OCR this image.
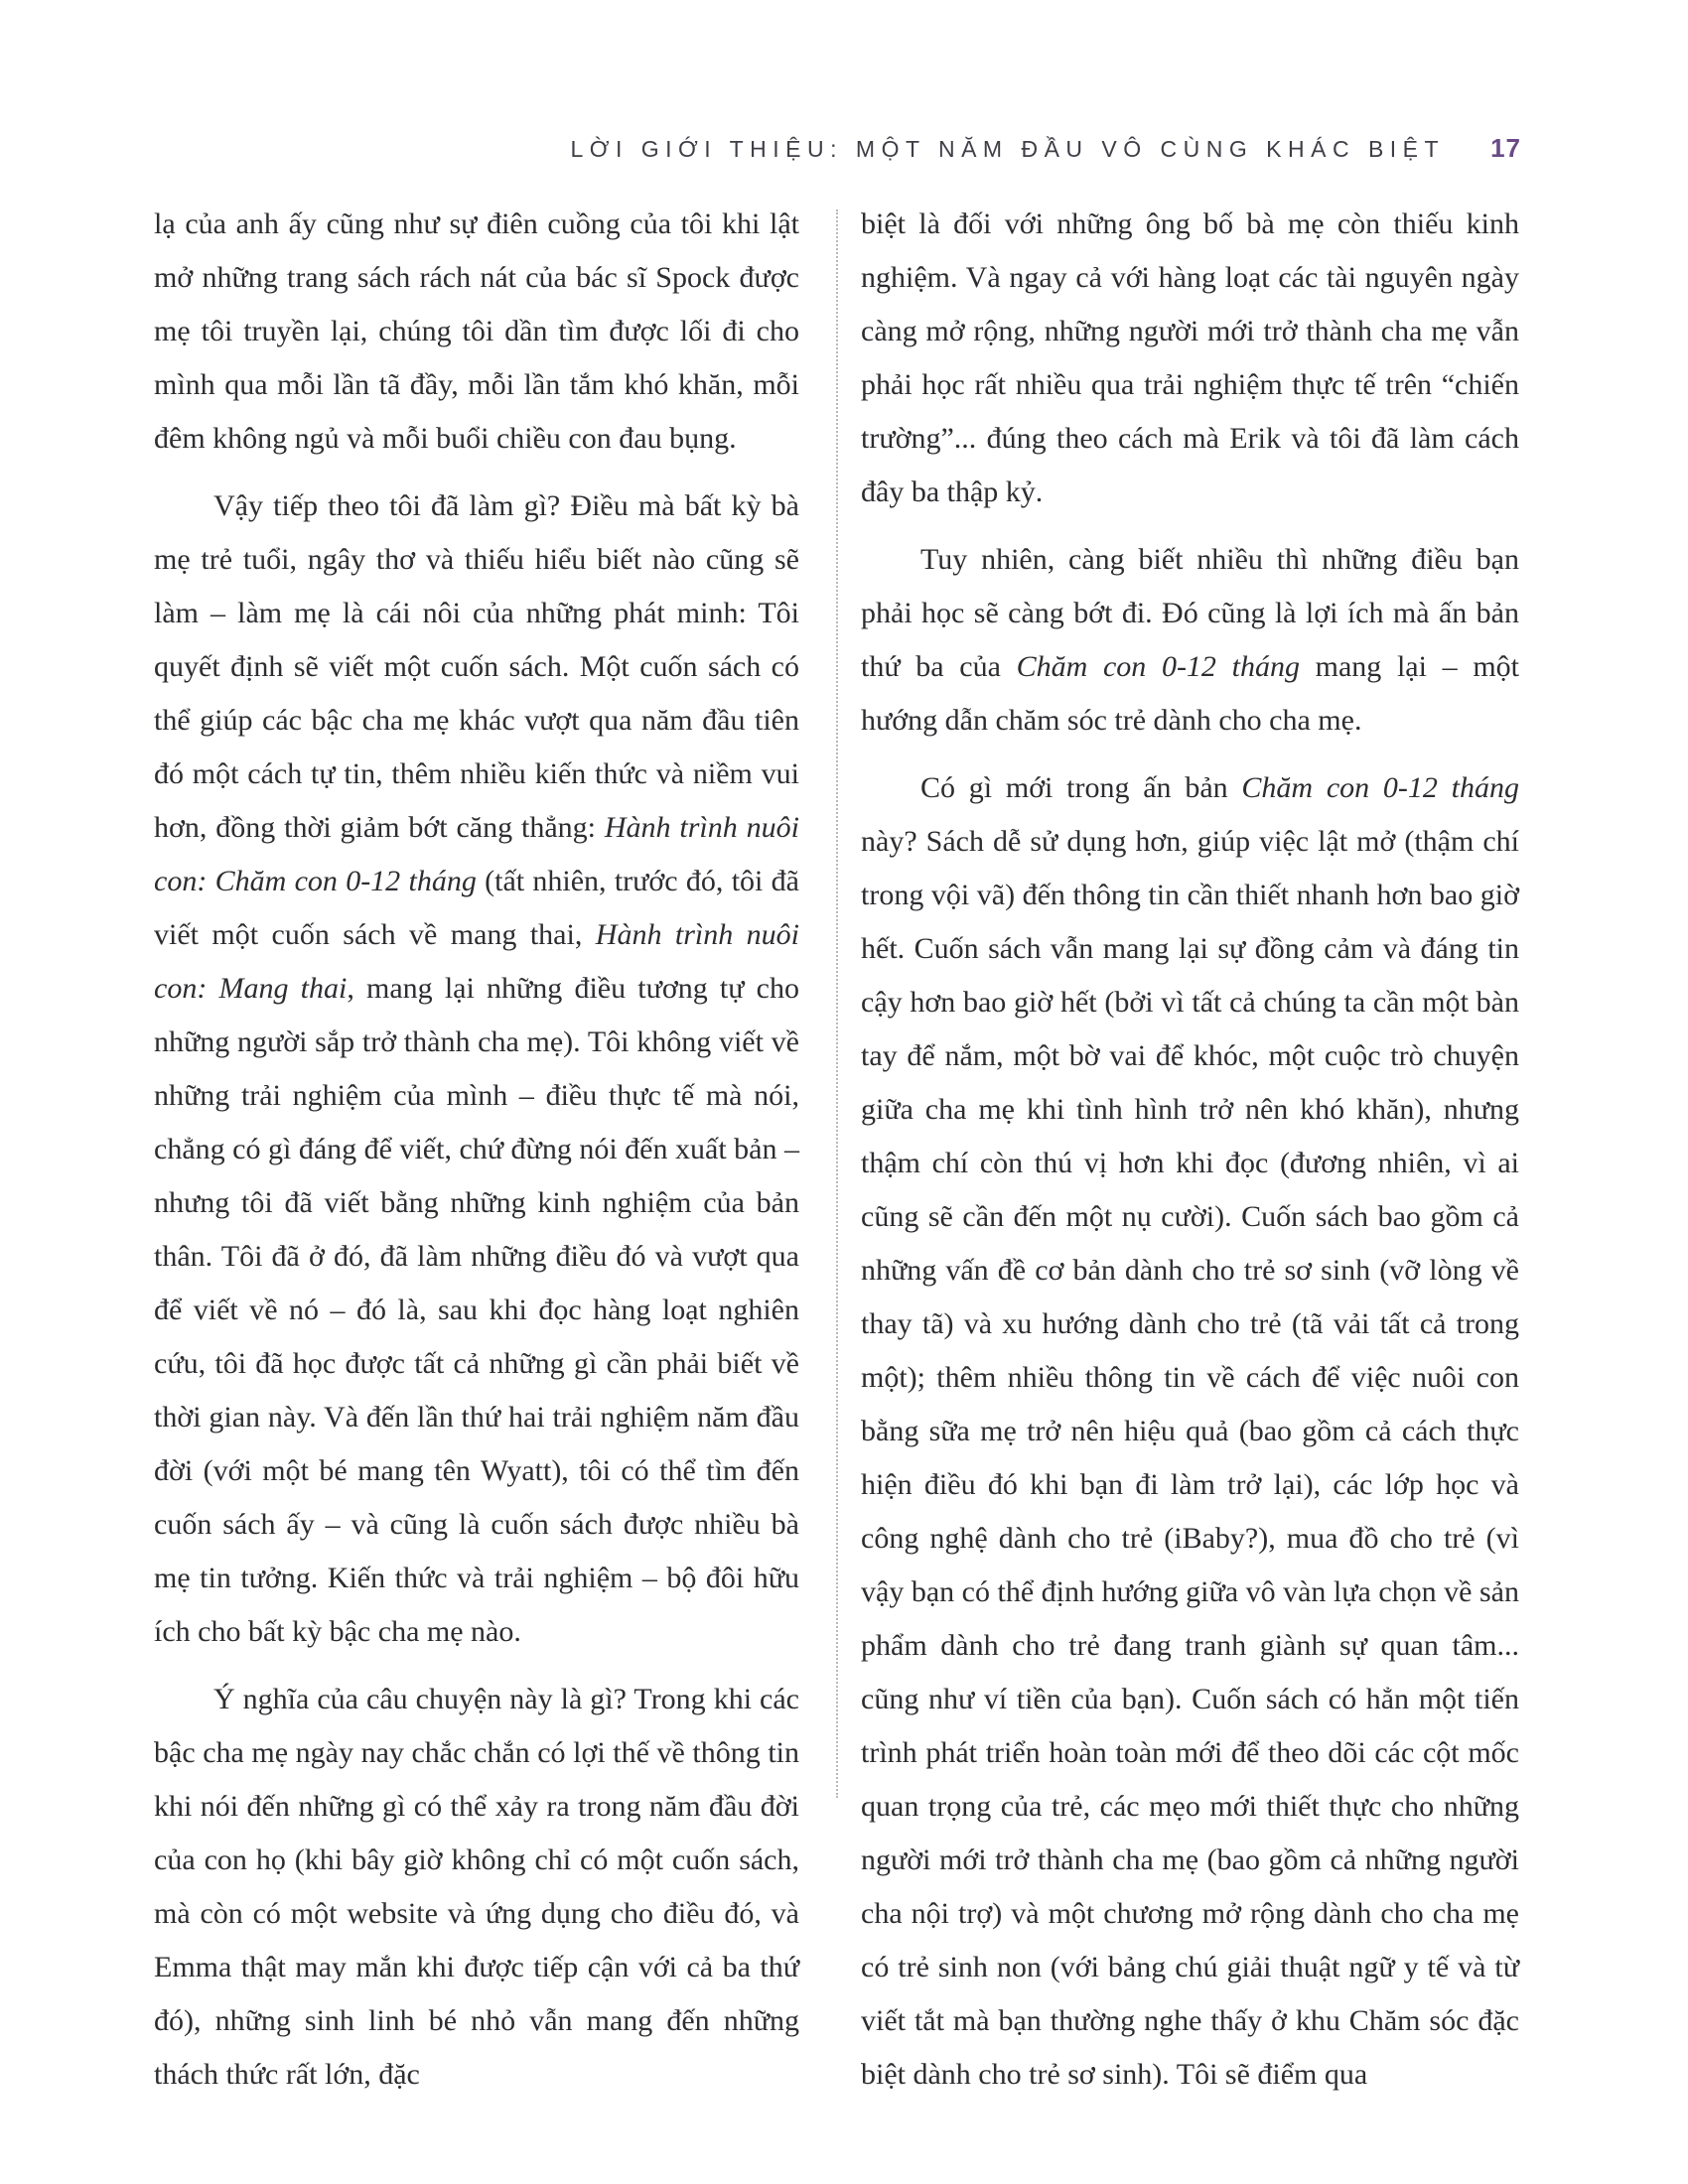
LỜI GIỚI THIỆU: MỘT NĂM ĐẦU VÔ CÙNG KHÁC BIỆT 17

lạ của anh ấy cũng như sự điên cuồng của tôi khi lật mở những trang sách rách nát của bác sĩ Spock được mẹ tôi truyền lại, chúng tôi dần tìm được lối đi cho mình qua mỗi lần tã đầy, mỗi lần tắm khó khăn, mỗi đêm không ngủ và mỗi buổi chiều con đau bụng.

Vậy tiếp theo tôi đã làm gì? Điều mà bất kỳ bà mẹ trẻ tuổi, ngây thơ và thiếu hiểu biết nào cũng sẽ làm – làm mẹ là cái nôi của những phát minh: Tôi quyết định sẽ viết một cuốn sách. Một cuốn sách có thể giúp các bậc cha mẹ khác vượt qua năm đầu tiên đó một cách tự tin, thêm nhiều kiến thức và niềm vui hơn, đồng thời giảm bớt căng thẳng: Hành trình nuôi con: Chăm con 0-12 tháng (tất nhiên, trước đó, tôi đã viết một cuốn sách về mang thai, Hành trình nuôi con: Mang thai, mang lại những điều tương tự cho những người sắp trở thành cha mẹ). Tôi không viết về những trải nghiệm của mình – điều thực tế mà nói, chẳng có gì đáng để viết, chứ đừng nói đến xuất bản – nhưng tôi đã viết bằng những kinh nghiệm của bản thân. Tôi đã ở đó, đã làm những điều đó và vượt qua để viết về nó – đó là, sau khi đọc hàng loạt nghiên cứu, tôi đã học được tất cả những gì cần phải biết về thời gian này. Và đến lần thứ hai trải nghiệm năm đầu đời (với một bé mang tên Wyatt), tôi có thể tìm đến cuốn sách ấy – và cũng là cuốn sách được nhiều bà mẹ tin tưởng. Kiến thức và trải nghiệm – bộ đôi hữu ích cho bất kỳ bậc cha mẹ nào.

Ý nghĩa của câu chuyện này là gì? Trong khi các bậc cha mẹ ngày nay chắc chắn có lợi thế về thông tin khi nói đến những gì có thể xảy ra trong năm đầu đời của con họ (khi bây giờ không chỉ có một cuốn sách, mà còn có một website và ứng dụng cho điều đó, và Emma thật may mắn khi được tiếp cận với cả ba thứ đó), những sinh linh bé nhỏ vẫn mang đến những thách thức rất lớn, đặc

biệt là đối với những ông bố bà mẹ còn thiếu kinh nghiệm. Và ngay cả với hàng loạt các tài nguyên ngày càng mở rộng, những người mới trở thành cha mẹ vẫn phải học rất nhiều qua trải nghiệm thực tế trên “chiến trường”... đúng theo cách mà Erik và tôi đã làm cách đây ba thập kỷ.

Tuy nhiên, càng biết nhiều thì những điều bạn phải học sẽ càng bớt đi. Đó cũng là lợi ích mà ấn bản thứ ba của Chăm con 0-12 tháng mang lại – một hướng dẫn chăm sóc trẻ dành cho cha mẹ.

Có gì mới trong ấn bản Chăm con 0-12 tháng này? Sách dễ sử dụng hơn, giúp việc lật mở (thậm chí trong vội vã) đến thông tin cần thiết nhanh hơn bao giờ hết. Cuốn sách vẫn mang lại sự đồng cảm và đáng tin cậy hơn bao giờ hết (bởi vì tất cả chúng ta cần một bàn tay để nắm, một bờ vai để khóc, một cuộc trò chuyện giữa cha mẹ khi tình hình trở nên khó khăn), nhưng thậm chí còn thú vị hơn khi đọc (đương nhiên, vì ai cũng sẽ cần đến một nụ cười). Cuốn sách bao gồm cả những vấn đề cơ bản dành cho trẻ sơ sinh (vỡ lòng về thay tã) và xu hướng dành cho trẻ (tã vải tất cả trong một); thêm nhiều thông tin về cách để việc nuôi con bằng sữa mẹ trở nên hiệu quả (bao gồm cả cách thực hiện điều đó khi bạn đi làm trở lại), các lớp học và công nghệ dành cho trẻ (iBaby?), mua đồ cho trẻ (vì vậy bạn có thể định hướng giữa vô vàn lựa chọn về sản phẩm dành cho trẻ đang tranh giành sự quan tâm... cũng như ví tiền của bạn). Cuốn sách có hẳn một tiến trình phát triển hoàn toàn mới để theo dõi các cột mốc quan trọng của trẻ, các mẹo mới thiết thực cho những người mới trở thành cha mẹ (bao gồm cả những người cha nội trợ) và một chương mở rộng dành cho cha mẹ có trẻ sinh non (với bảng chú giải thuật ngữ y tế và từ viết tắt mà bạn thường nghe thấy ở khu Chăm sóc đặc biệt dành cho trẻ sơ sinh). Tôi sẽ điểm qua
